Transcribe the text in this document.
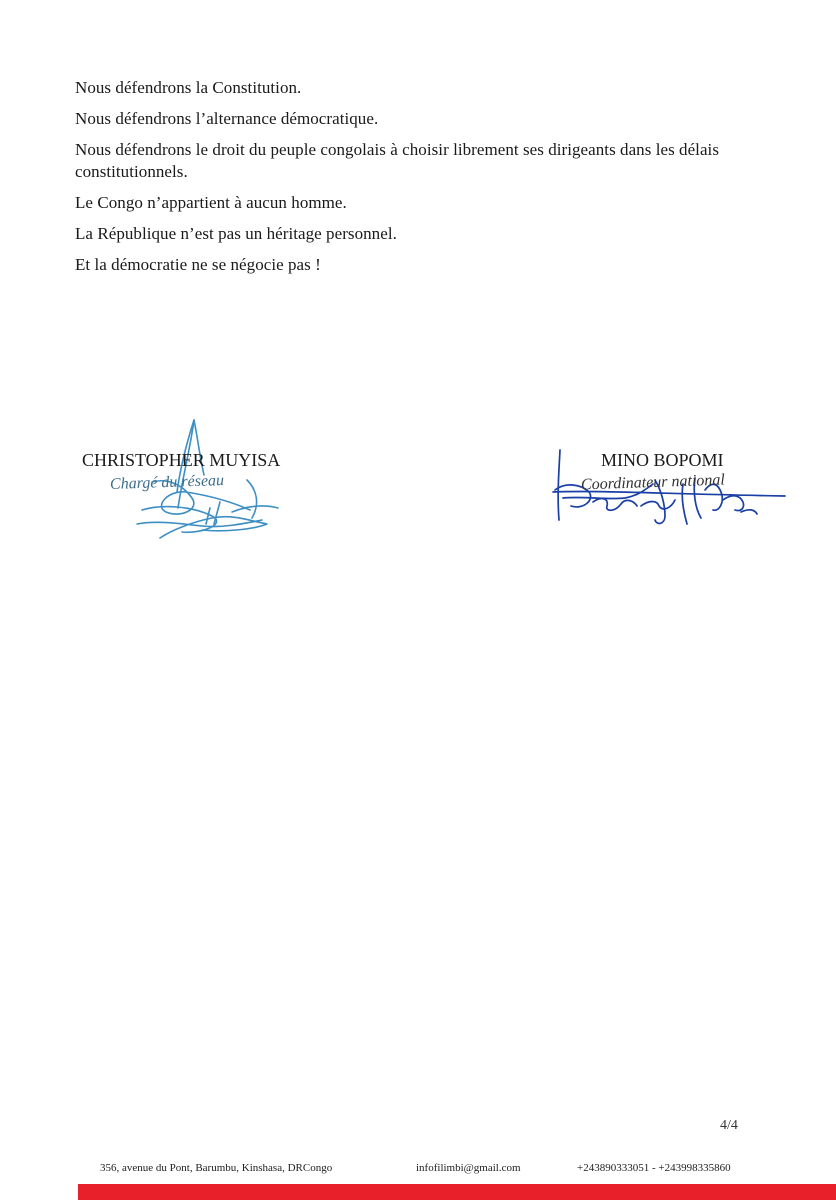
Nous défendrons la Constitution.

Nous défendrons l’alternance démocratique.

Nous défendrons le droit du peuple congolais à choisir librement ses dirigeants dans les délais constitutionnels.

Le Congo n’appartient à aucun homme.

La République n’est pas un héritage personnel.

Et la démocratie ne se négocie pas !

CHRISTOPHER MUYISA
Chargé du réseau
MINO BOPOMI
Coordinateur national
4/4
356, avenue du Pont, Barumbu, Kinshasa, DRCongo	infofilimbi@gmail.com	+243890333051 - +243998335860
